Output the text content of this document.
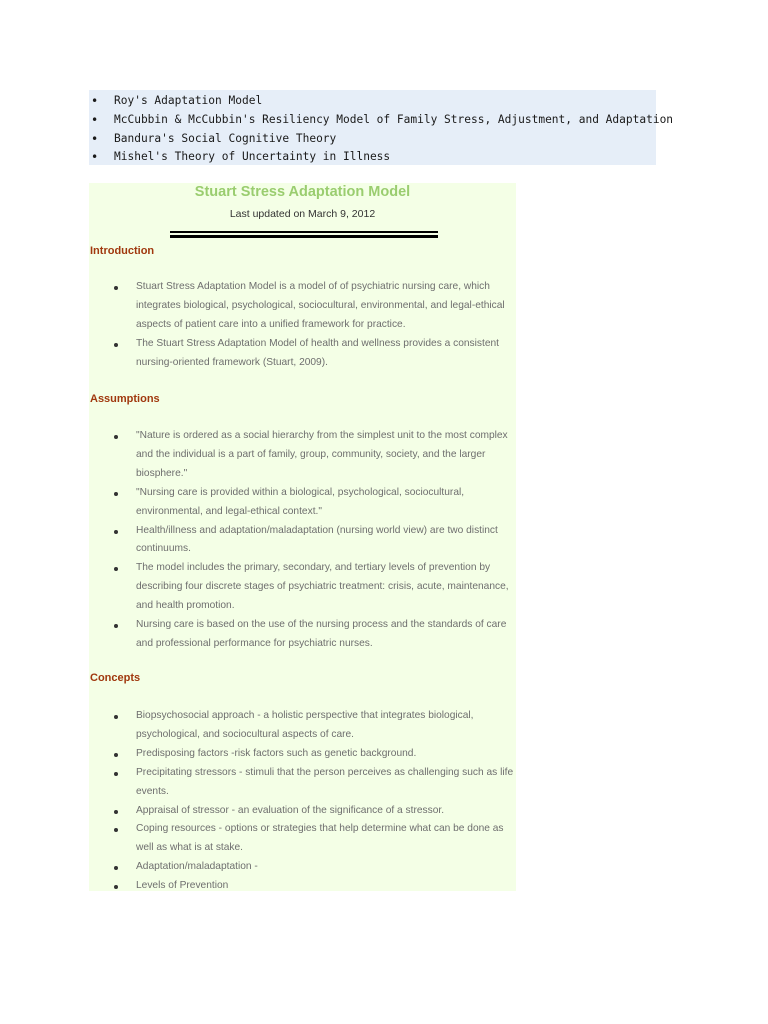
• Roy's Adaptation Model
• McCubbin & McCubbin's Resiliency Model of Family Stress, Adjustment, and Adaptation
• Bandura's Social Cognitive Theory
• Mishel's Theory of Uncertainty in Illness
Stuart Stress Adaptation Model
Last updated on March 9, 2012
Introduction
Stuart Stress Adaptation Model is a model of of psychiatric nursing care, which integrates biological, psychological, sociocultural, environmental, and legal-ethical aspects of patient care into a unified framework for practice.
The Stuart Stress Adaptation Model of health and wellness provides a consistent nursing-oriented framework (Stuart, 2009).
Assumptions
"Nature is ordered as a social hierarchy from the simplest unit to the most complex and the individual is a part of family, group, community, society, and the larger biosphere."
"Nursing care is provided within a biological, psychological, sociocultural, environmental, and legal-ethical context."
Health/illness and adaptation/maladaptation (nursing world view) are two distinct continuums.
The model includes the primary, secondary, and tertiary levels of prevention by describing four discrete stages of psychiatric treatment: crisis, acute, maintenance, and health promotion.
Nursing care is based on the use of the nursing process and the standards of care and professional performance for psychiatric nurses.
Concepts
Biopsychosocial approach - a holistic perspective that integrates biological, psychological, and sociocultural aspects of care.
Predisposing factors -risk factors such as genetic background.
Precipitating stressors - stimuli that the person perceives as challenging such as life events.
Appraisal of stressor - an evaluation of the significance of a stressor.
Coping resources - options or strategies that help determine what can be done as well as what is at stake.
Adaptation/maladaptation -
Levels of Prevention
